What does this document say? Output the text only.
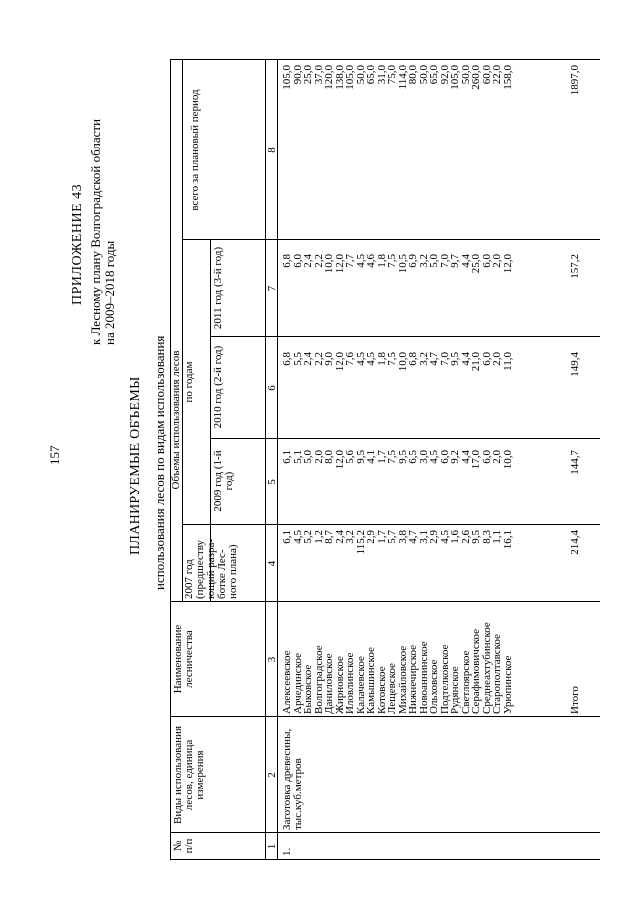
157
ПРИЛОЖЕНИЕ 43 к Лесному плану Волгоградской области на 2009–2018 годы
ПЛАНИРУЕМЫЕ ОБЪЕМЫ использования лесов по видам использования
№ п/п
Виды использования лесов, единица измерения
Наименование лесничества
Объемы использования лесов по годам
2007 год (предшеству ющий разра- ботке Лес- ного плана)
2009 год (1-й год)
2010 год (2-й год)
2011 год (3-й год)
всего за плановый период
1
2
3
4
5
6
7
8
1.
Заготовка древесины, тыс.куб.метров
Алексеевское
Арчединское
Быковское
Волгоградское
Даниловское
Жирновское
Иловлинское
Калачевское
Камышинское
Котовское
Лещевское
Михайловское
Нижнечирское
Новоаннинское
Ольховское
Подтелковское
Рудянское
Светлоярское
Серафимовичское
Среднеахтубинское
Старополтавское
Урюпинское
6,1
4,5
5,2
1,2
8,7
2,4
3,2
115,2
2,9
1,7
5,7
3,8
4,7
3,1
2,9
4,5
1,6
2,6
9,5
8,3
1,1
16,1
6,1
5,1
5,0
2,0
8,0
12,0
5,6
9,5
4,1
1,7
7,5
9,5
6,5
3,0
4,5
6,0
9,2
4,4
17,0
6,0
2,0
10,0
6,8
5,5
2,4
2,2
9,0
12,0
7,6
4,5
4,5
1,8
7,5
10,0
6,8
3,2
4,7
7,0
9,5
4,4
21,0
6,0
2,0
11,0
6,8
6,0
2,4
2,2
10,0
12,0
7,7
4,5
4,6
1,8
7,5
10,5
6,9
3,2
5,0
7,0
9,7
4,4
25,0
6,0
2,0
12,0
105,0
90,0
25,0
37,0
120,0
138,0
105,0
50,0
65,0
31,0
75,0
114,0
80,0
50,0
65,0
92,0
105,0
50,0
260,0
60,0
22,0
158,0
Итого
214,4
144,7
149,4
157,2
1897,0
